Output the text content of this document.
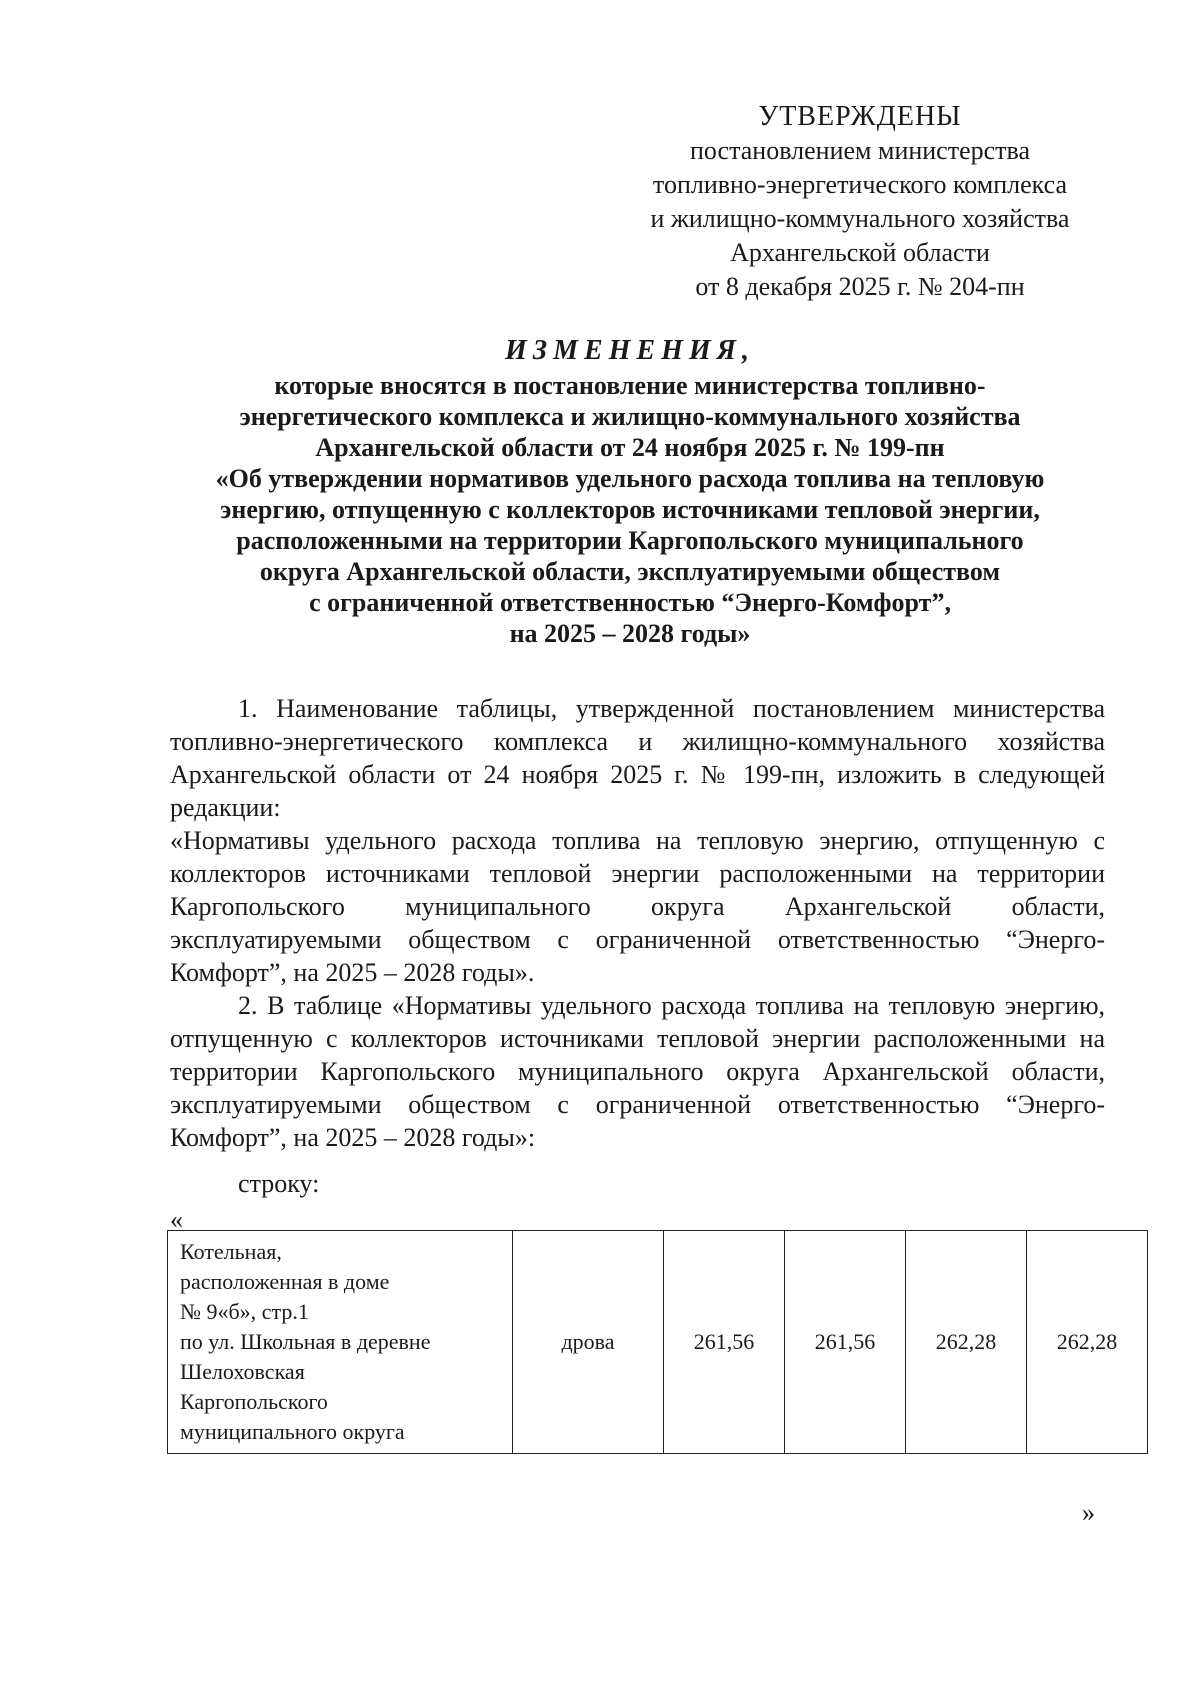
УТВЕРЖДЕНЫ
постановлением министерства
топливно-энергетического комплекса
и жилищно-коммунального хозяйства
Архангельской области
от 8 декабря 2025 г. № 204-пн
ИЗМЕНЕНИЯ,
которые вносятся в постановление министерства топливно-
энергетического комплекса и жилищно-коммунального хозяйства
Архангельской области от 24 ноября 2025 г. № 199-пн
«Об утверждении нормативов удельного расхода топлива на тепловую
энергию, отпущенную с коллекторов источниками тепловой энергии,
расположенными на территории Каргопольского муниципального
округа Архангельской области, эксплуатируемыми обществом
с ограниченной ответственностью “Энерго-Комфорт”,
на 2025 – 2028 годы»

1. Наименование таблицы, утвержденной постановлением министерства топливно-энергетического комплекса и жилищно-коммунального хозяйства Архангельской области от 24 ноября 2025 г. № 199-пн, изложить в следующей редакции:

«Нормативы удельного расхода топлива на тепловую энергию, отпущенную с коллекторов источниками тепловой энергии расположенными на территории Каргопольского муниципального округа Архангельской области, эксплуатируемыми обществом с ограниченной ответственностью “Энерго-Комфорт”, на 2025 – 2028 годы».

2. В таблице «Нормативы удельного расхода топлива на тепловую энергию, отпущенную с коллекторов источниками тепловой энергии расположенными на территории Каргопольского муниципального округа Архангельской области, эксплуатируемыми обществом с ограниченной ответственностью “Энерго-Комфорт”, на 2025 – 2028 годы»:

строку:
«
Котельная,
расположенная в доме
№ 9«б», стр.1
по ул. Школьная в деревне
Шелоховская
Каргопольского
муниципального округа
	дрова	261,56	261,56	262,28	262,28
»
